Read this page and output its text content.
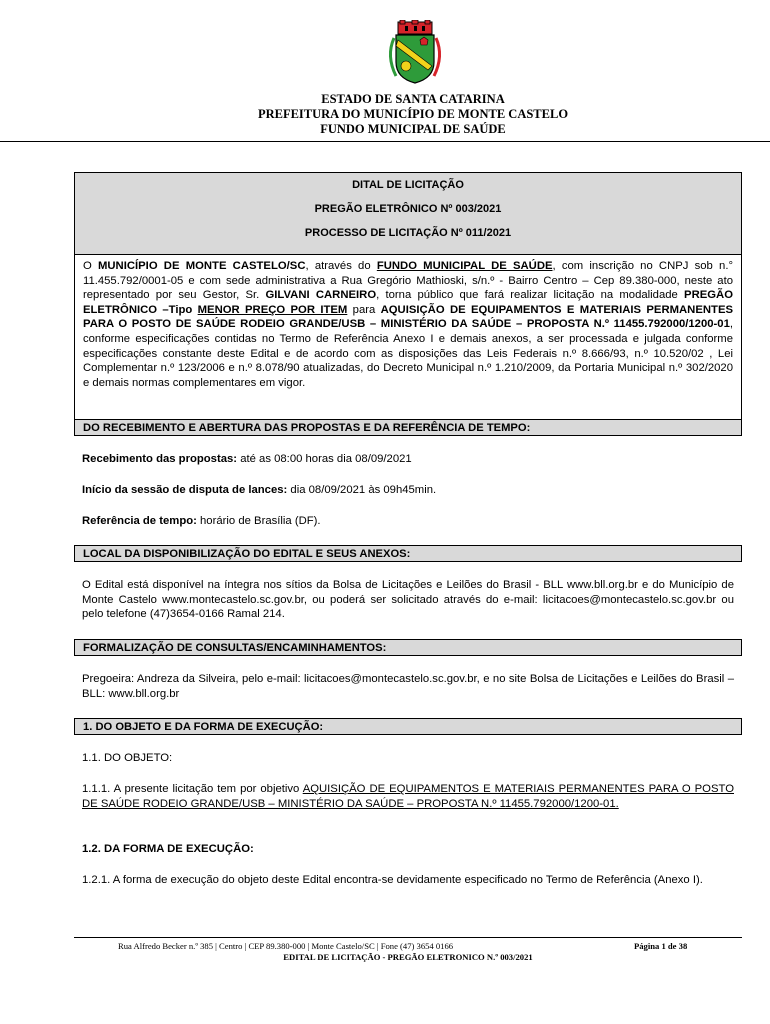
ESTADO DE SANTA CATARINA
PREFEITURA DO MUNICÍPIO DE MONTE CASTELO
FUNDO MUNICIPAL DE SAÚDE
DITAL DE LICITAÇÃO
PREGÃO ELETRÔNICO Nº 003/2021
PROCESSO DE LICITAÇÃO Nº 011/2021
O MUNICÍPIO DE MONTE CASTELO/SC, através do FUNDO MUNICIPAL DE SAÚDE, com inscrição no CNPJ sob n.° 11.455.792/0001-05 e com sede administrativa a Rua Gregório Mathioski, s/n.º - Bairro Centro – Cep 89.380-000, neste ato representado por seu Gestor, Sr. GILVANI CARNEIRO, torna público que fará realizar licitação na modalidade PREGÃO ELETRÔNICO –Tipo MENOR PREÇO POR ITEM para AQUISIÇÃO DE EQUIPAMENTOS E MATERIAIS PERMANENTES PARA O POSTO DE SAÚDE RODEIO GRANDE/USB – MINISTÉRIO DA SAÚDE – PROPOSTA N.º 11455.792000/1200-01, conforme especificações contidas no Termo de Referência Anexo I e demais anexos, a ser processada e julgada conforme especificações constante deste Edital e de acordo com as disposições das Leis Federais n.º 8.666/93, n.º 10.520/02 , Lei Complementar n.º 123/2006 e n.º 8.078/90 atualizadas, do Decreto Municipal n.º 1.210/2009, da Portaria Municipal n.º 302/2020 e demais normas complementares em vigor.
DO RECEBIMENTO E ABERTURA DAS PROPOSTAS E DA REFERÊNCIA DE TEMPO:
Recebimento das propostas: até as 08:00 horas dia 08/09/2021
Início da sessão de disputa de lances: dia 08/09/2021 às 09h45min.
Referência de tempo: horário de Brasília (DF).
LOCAL DA DISPONIBILIZAÇÃO DO EDITAL E SEUS ANEXOS:
O Edital está disponível na íntegra nos sítios da Bolsa de Licitações e Leilões do Brasil - BLL www.bll.org.br e do Município de Monte Castelo www.montecastelo.sc.gov.br, ou poderá ser solicitado através do e-mail: licitacoes@montecastelo.sc.gov.br ou pelo telefone (47)3654-0166 Ramal 214.
FORMALIZAÇÃO DE CONSULTAS/ENCAMINHAMENTOS:
Pregoeira: Andreza da Silveira, pelo e-mail: licitacoes@montecastelo.sc.gov.br, e no site Bolsa de Licitações e Leilões do Brasil – BLL: www.bll.org.br
1. DO OBJETO E DA FORMA DE EXECUÇÃO:
1.1. DO OBJETO:
1.1.1. A presente licitação tem por objetivo AQUISIÇÃO DE EQUIPAMENTOS E MATERIAIS PERMANENTES PARA O POSTO DE SAÚDE RODEIO GRANDE/USB – MINISTÉRIO DA SAÚDE – PROPOSTA N.º 11455.792000/1200-01.
1.2. DA FORMA DE EXECUÇÃO:
1.2.1. A forma de execução do objeto deste Edital encontra-se devidamente especificado no Termo de Referência (Anexo I).
Rua Alfredo Becker n.º 385 | Centro | CEP 89.380-000 | Monte Castelo/SC | Fone (47) 3654 0166	Página 1 de 38
EDITAL DE LICITAÇÃO - PREGÃO ELETRONICO N.º 003/2021
